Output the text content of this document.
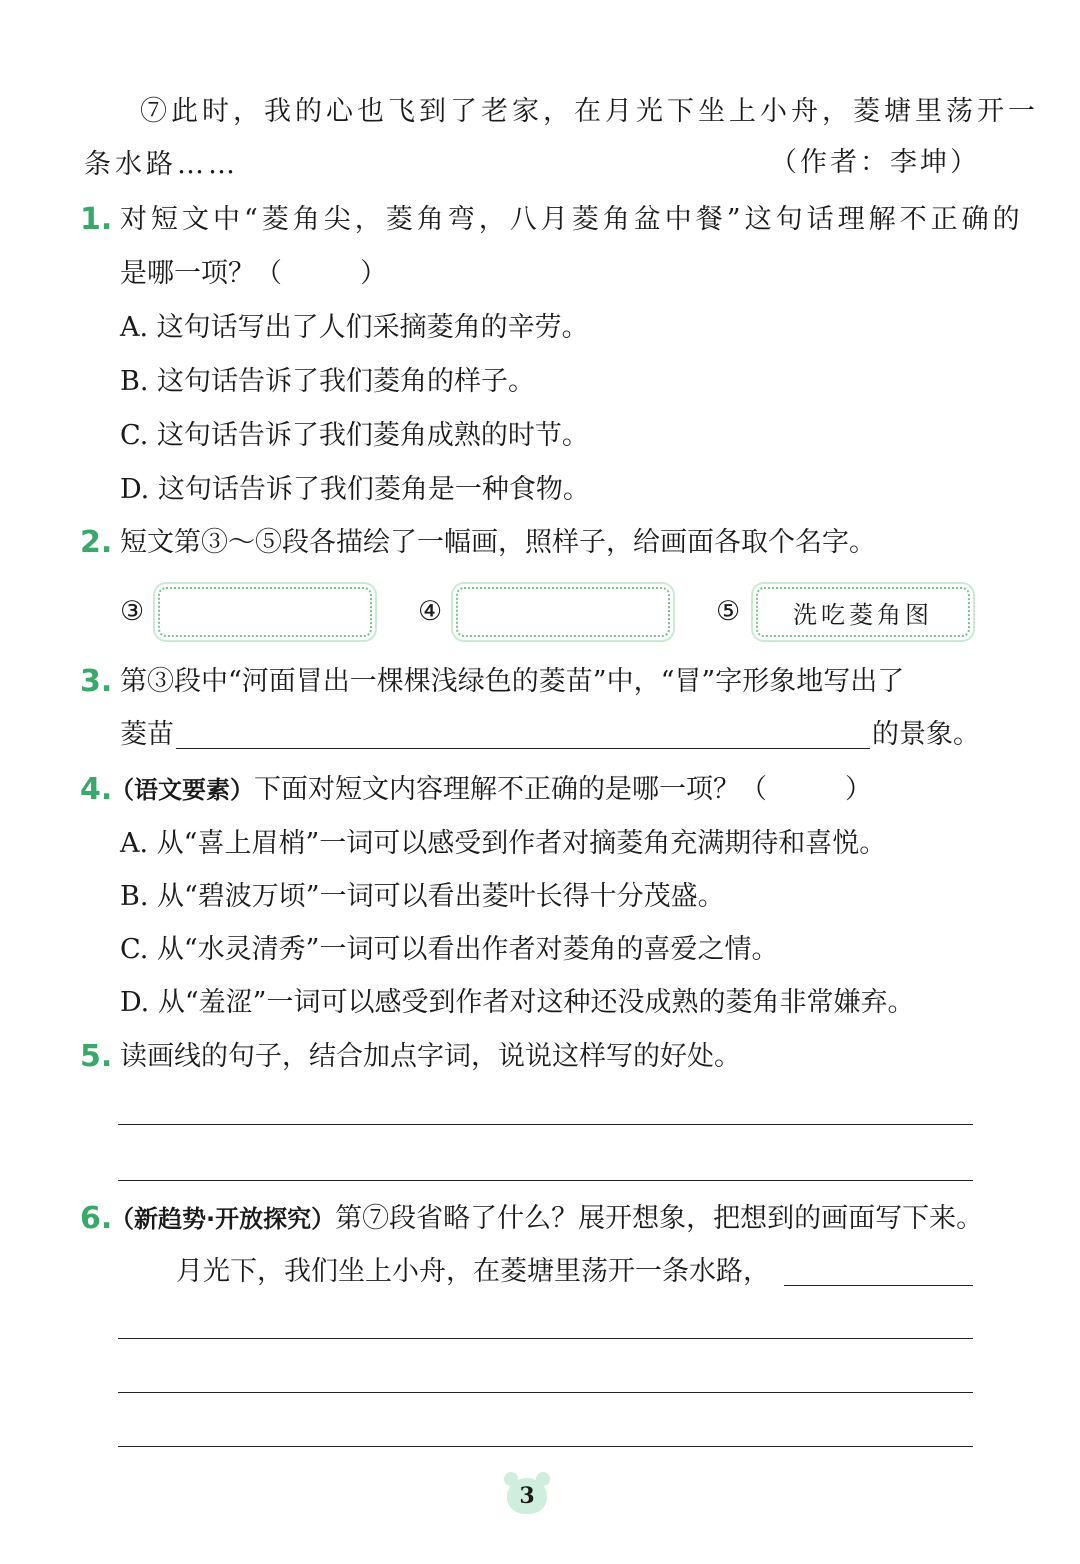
⑦此时，我的心也飞到了老家，在月光下坐上小舟，菱塘里荡开一
条水路……	（作者：李坤）
1. 对短文中“菱角尖，菱角弯，八月菱角盆中餐”这句话理解不正确的
是哪一项？（	）
A. 这句话写出了人们采摘菱角的辛劳。
B. 这句话告诉了我们菱角的样子。
C. 这句话告诉了我们菱角成熟的时节。
D. 这句话告诉了我们菱角是一种食物。
2. 短文第③～⑤段各描绘了一幅画，照样子，给画面各取个名字。
③	④	⑤ 洗吃菱角图
3. 第③段中“河面冒出一棵棵浅绿色的菱苗”中，“冒”字形象地写出了
菱苗	的景象。
4.
（语文要素）下面对短文内容理解不正确的是哪一项？（	）
A. 从“喜上眉梢”一词可以感受到作者对摘菱角充满期待和喜悦。
B. 从“碧波万顷”一词可以看出菱叶长得十分茂盛。
C. 从“水灵清秀”一词可以看出作者对菱角的喜爱之情。
D. 从“羞涩”一词可以感受到作者对这种还没成熟的菱角非常嫌弃。
5. 读画线的句子，结合加点字词，说说这样写的好处。
6.
（新趋势·开放探究）第⑦段省略了什么？展开想象，把想到的画面写下来。
月光下，我们坐上小舟，在菱塘里荡开一条水路，
3
